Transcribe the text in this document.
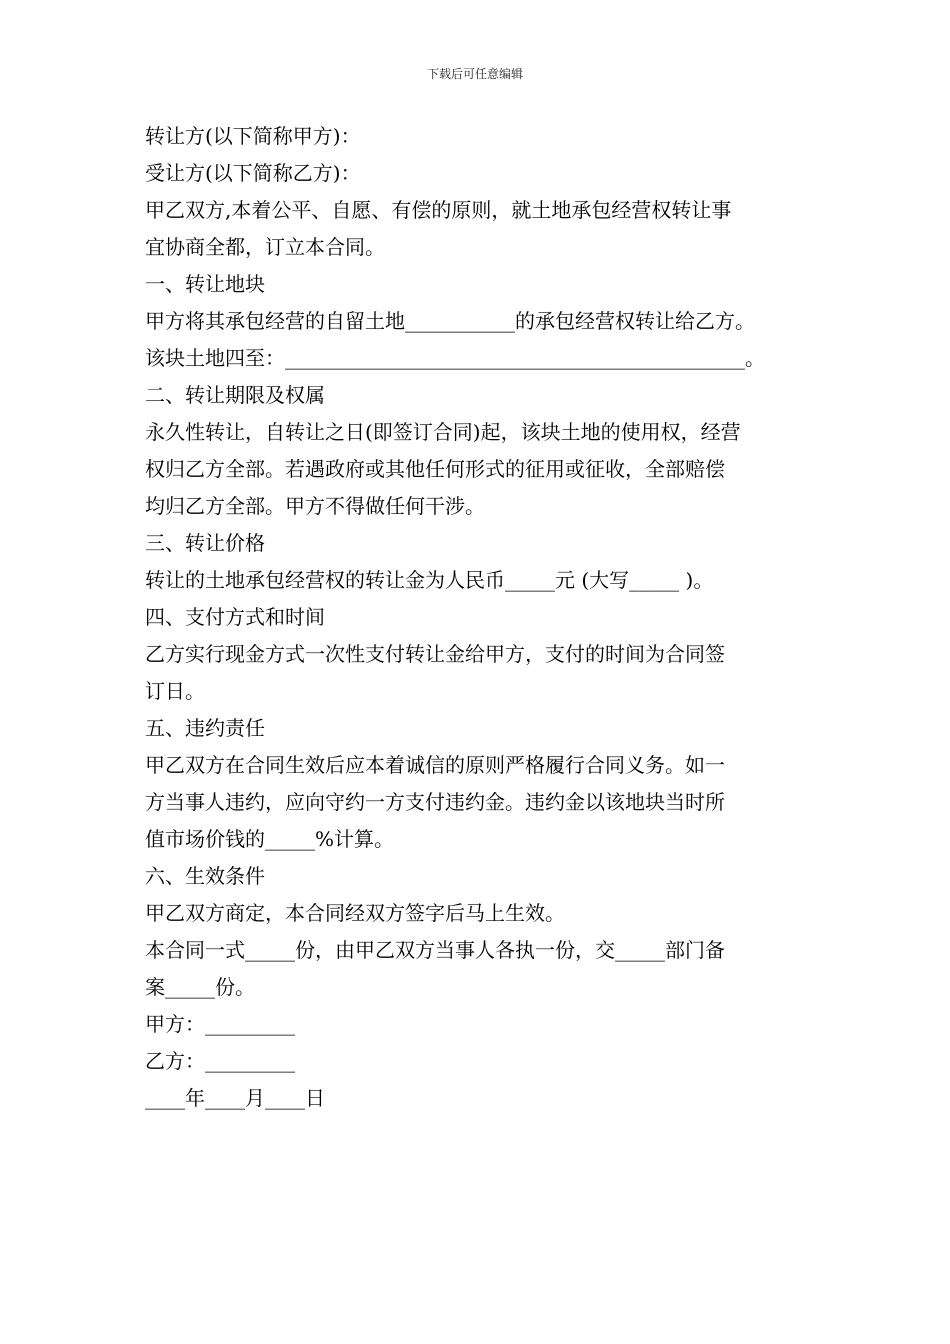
下载后可任意编辑
转让方(以下简称甲方)：
受让方(以下简称乙方)：
甲乙双方,本着公平、自愿、有偿的原则，就土地承包经营权转让事
宜协商全都，订立本合同。
一、转让地块
甲方将其承包经营的自留土地___________的承包经营权转让给乙方。
该块土地四至：______________________________________________。
二、转让期限及权属
永久性转让，自转让之日(即签订合同)起，该块土地的使用权，经营
权归乙方全部。若遇政府或其他任何形式的征用或征收，全部赔偿
均归乙方全部。甲方不得做任何干涉。
三、转让价格
转让的土地承包经营权的转让金为人民币_____元 (大写_____ )。
四、支付方式和时间
乙方实行现金方式一次性支付转让金给甲方，支付的时间为合同签
订日。
五、违约责任
甲乙双方在合同生效后应本着诚信的原则严格履行合同义务。如一
方当事人违约，应向守约一方支付违约金。违约金以该地块当时所
值市场价钱的_____%计算。
六、生效条件
甲乙双方商定，本合同经双方签字后马上生效。
本合同一式_____份，由甲乙双方当事人各执一份，交_____部门备
案_____份。
甲方：_________
乙方：_________
____年____月____日
